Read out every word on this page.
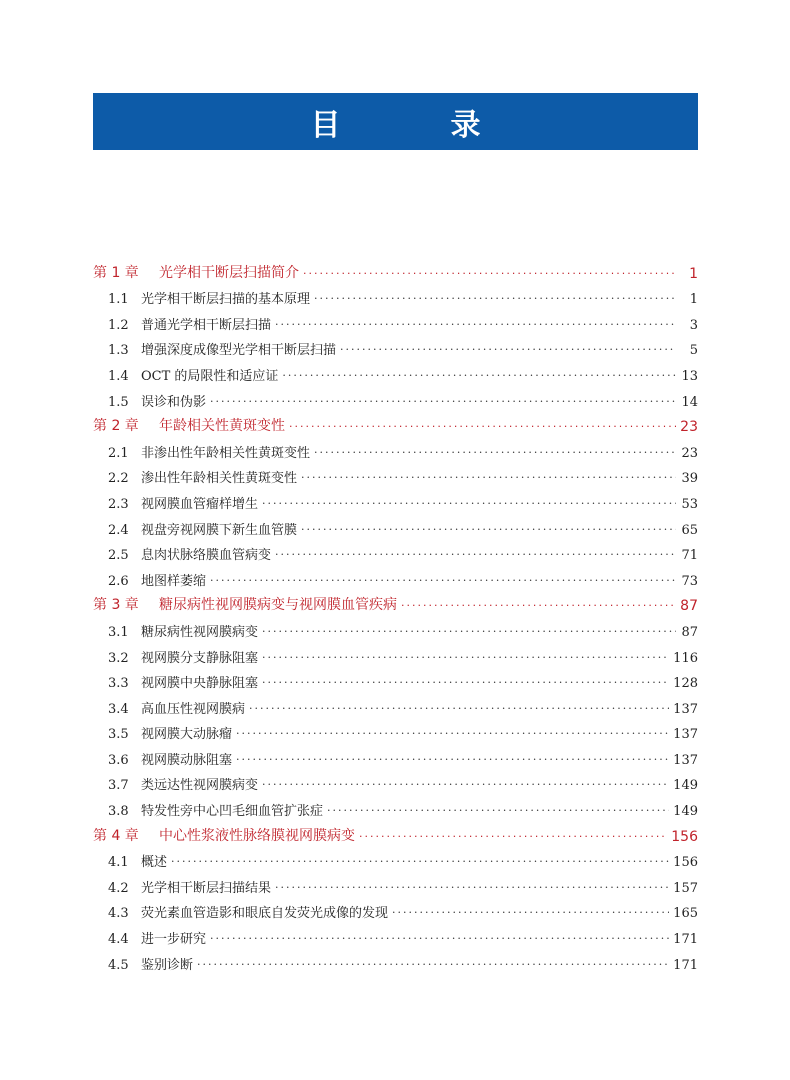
目　录
第 1 章	光学相干断层扫描简介 ·····	1
1.1 光学相干断层扫描的基本原理 ·····	1
1.2 普通光学相干断层扫描 ·····	3
1.3 增强深度成像型光学相干断层扫描 ·····	5
1.4 OCT 的局限性和适应证 ·····	13
1.5 误诊和伪影 ·····	14
第 2 章	年龄相关性黄斑变性 ·····	23
2.1 非渗出性年龄相关性黄斑变性 ·····	23
2.2 渗出性年龄相关性黄斑变性 ·····	39
2.3 视网膜血管瘤样增生 ·····	53
2.4 视盘旁视网膜下新生血管膜 ·····	65
2.5 息肉状脉络膜血管病变 ·····	71
2.6 地图样萎缩 ·····	73
第 3 章	糖尿病性视网膜病变与视网膜血管疾病 ·····	87
3.1 糖尿病性视网膜病变 ·····	87
3.2 视网膜分支静脉阻塞 ·····	116
3.3 视网膜中央静脉阻塞 ·····	128
3.4 高血压性视网膜病 ·····	137
3.5 视网膜大动脉瘤 ·····	137
3.6 视网膜动脉阻塞 ·····	137
3.7 类远达性视网膜病变 ·····	149
3.8 特发性旁中心凹毛细血管扩张症 ·····	149
第 4 章	中心性浆液性脉络膜视网膜病变 ·····	156
4.1 概述 ·····	156
4.2 光学相干断层扫描结果 ·····	157
4.3 荧光素血管造影和眼底自发荧光成像的发现 ·····	165
4.4 进一步研究 ·····	171
4.5 鉴别诊断 ·····	171
